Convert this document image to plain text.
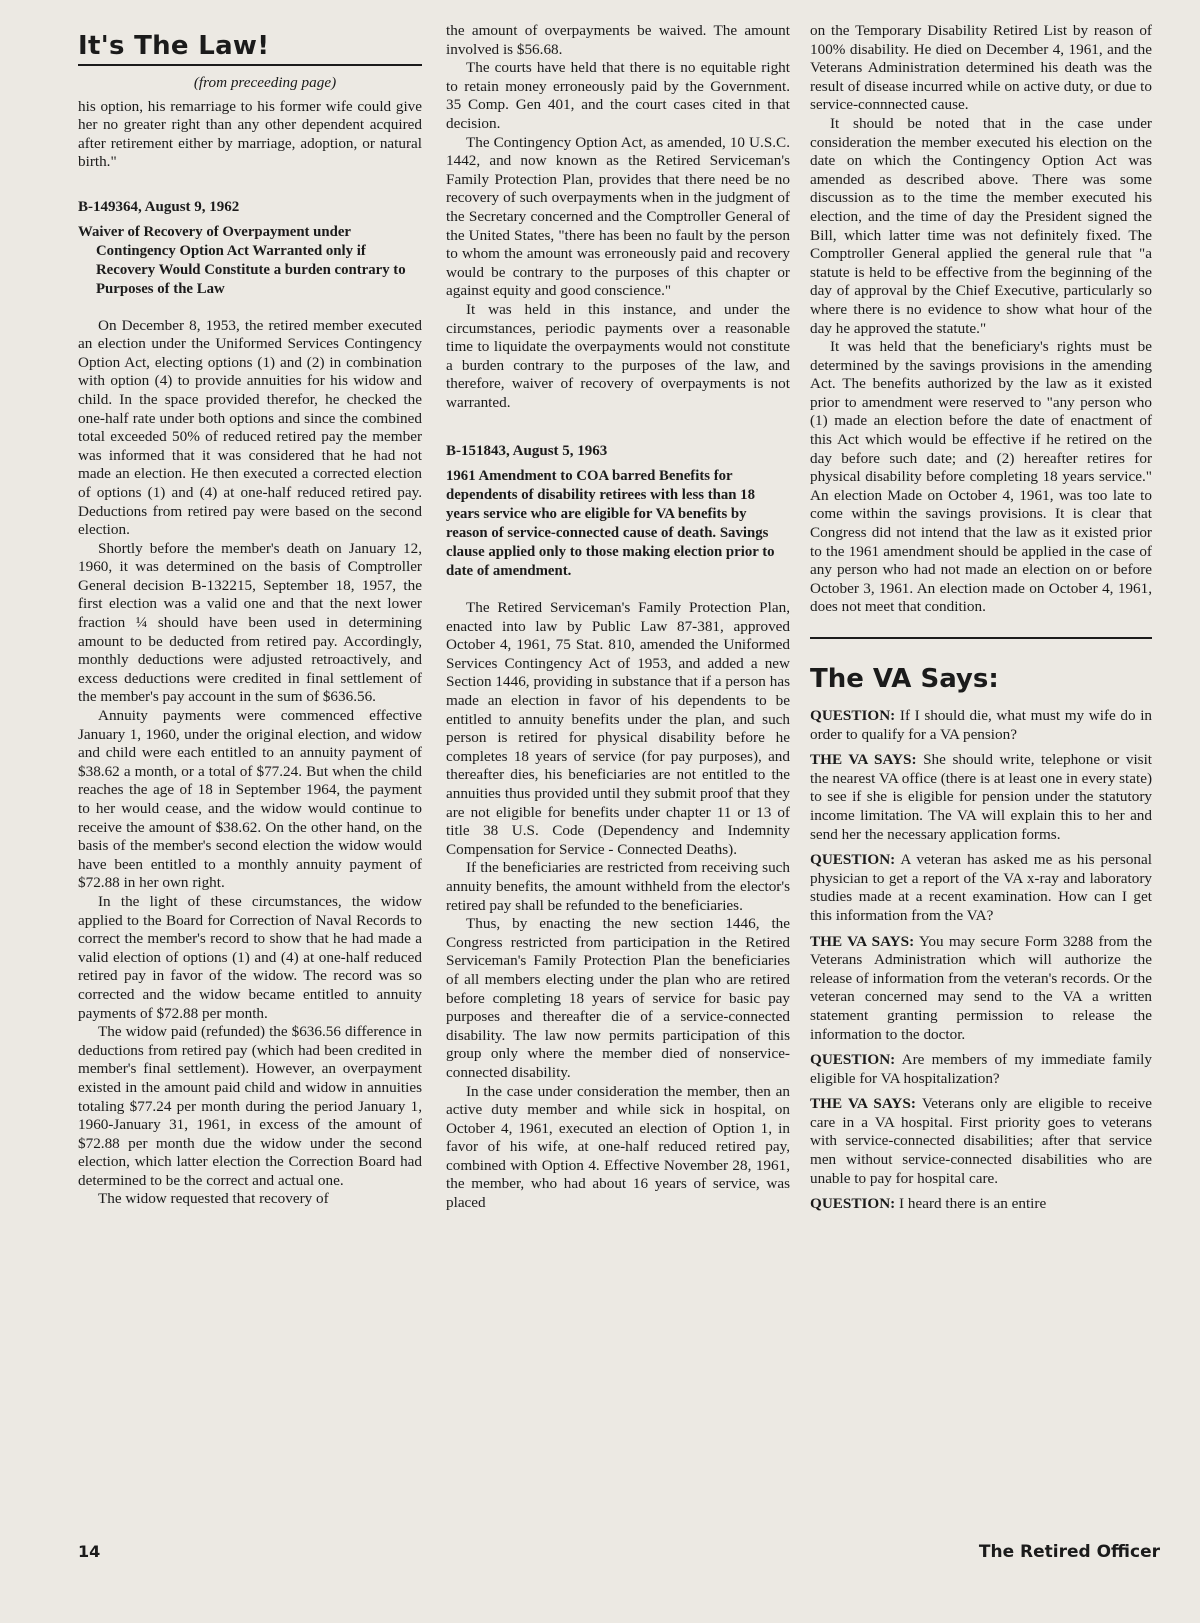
It's The Law!
(from preceeding page)

his option, his remarriage to his former wife could give her no greater right than any other dependent acquired after retirement either by marriage, adoption, or natural birth."

B-149364, August 9, 1962
Waiver of Recovery of Overpayment under Contingency Option Act Warranted only if Recovery Would Constitute a burden contrary to Purposes of the Law

On December 8, 1953, the retired member executed an election under the Uniformed Services Contingency Option Act, electing options (1) and (2) in combination with option (4) to provide annuities for his widow and child. In the space provided therefor, he checked the one-half rate under both options and since the combined total exceeded 50% of reduced retired pay the member was informed that it was considered that he had not made an election. He then executed a corrected election of options (1) and (4) at one-half reduced retired pay. Deductions from retired pay were based on the second election.

Shortly before the member's death on January 12, 1960, it was determined on the basis of Comptroller General decision B-132215, September 18, 1957, the first election was a valid one and that the next lower fraction ¼ should have been used in determining amount to be deducted from retired pay. Accordingly, monthly deductions were adjusted retroactively, and excess deductions were credited in final settlement of the member's pay account in the sum of $636.56.

Annuity payments were commenced effective January 1, 1960, under the original election, and widow and child were each entitled to an annuity payment of $38.62 a month, or a total of $77.24. But when the child reaches the age of 18 in September 1964, the payment to her would cease, and the widow would continue to receive the amount of $38.62. On the other hand, on the basis of the member's second election the widow would have been entitled to a monthly annuity payment of $72.88 in her own right.

In the light of these circumstances, the widow applied to the Board for Correction of Naval Records to correct the member's record to show that he had made a valid election of options (1) and (4) at one-half reduced retired pay in favor of the widow. The record was so corrected and the widow became entitled to annuity payments of $72.88 per month.

The widow paid (refunded) the $636.56 difference in deductions from retired pay (which had been credited in member's final settlement). However, an overpayment existed in the amount paid child and widow in annuities totaling $77.24 per month during the period January 1, 1960-January 31, 1961, in excess of the amount of $72.88 per month due the widow under the second election, which latter election the Correction Board had determined to be the correct and actual one.

The widow requested that recovery of

the amount of overpayments be waived. The amount involved is $56.68.

The courts have held that there is no equitable right to retain money erroneously paid by the Government. 35 Comp. Gen 401, and the court cases cited in that decision.

The Contingency Option Act, as amended, 10 U.S.C. 1442, and now known as the Retired Serviceman's Family Protection Plan, provides that there need be no recovery of such overpayments when in the judgment of the Secretary concerned and the Comptroller General of the United States, "there has been no fault by the person to whom the amount was erroneously paid and recovery would be contrary to the purposes of this chapter or against equity and good conscience."

It was held in this instance, and under the circumstances, periodic payments over a reasonable time to liquidate the overpayments would not constitute a burden contrary to the purposes of the law, and therefore, waiver of recovery of overpayments is not warranted.

B-151843, August 5, 1963
1961 Amendment to COA barred Benefits for dependents of disability retirees with less than 18 years service who are eligible for VA benefits by reason of service-connected cause of death. Savings clause applied only to those making election prior to date of amendment.

The Retired Serviceman's Family Protection Plan, enacted into law by Public Law 87-381, approved October 4, 1961, 75 Stat. 810, amended the Uniformed Services Contingency Act of 1953, and added a new Section 1446, providing in substance that if a person has made an election in favor of his dependents to be entitled to annuity benefits under the plan, and such person is retired for physical disability before he completes 18 years of service (for pay purposes), and thereafter dies, his beneficiaries are not entitled to the annuities thus provided until they submit proof that they are not eligible for benefits under chapter 11 or 13 of title 38 U.S. Code (Dependency and Indemnity Compensation for Service - Connected Deaths).

If the beneficiaries are restricted from receiving such annuity benefits, the amount withheld from the elector's retired pay shall be refunded to the beneficiaries.

Thus, by enacting the new section 1446, the Congress restricted from participation in the Retired Serviceman's Family Protection Plan the beneficiaries of all members electing under the plan who are retired before completing 18 years of service for basic pay purposes and thereafter die of a service-connected disability. The law now permits participation of this group only where the member died of nonservice-connected disability.

In the case under consideration the member, then an active duty member and while sick in hospital, on October 4, 1961, executed an election of Option 1, in favor of his wife, at one-half reduced retired pay, combined with Option 4. Effective November 28, 1961, the member, who had about 16 years of service, was placed

on the Temporary Disability Retired List by reason of 100% disability. He died on December 4, 1961, and the Veterans Administration determined his death was the result of disease incurred while on active duty, or due to service-connnected cause.

It should be noted that in the case under consideration the member executed his election on the date on which the Contingency Option Act was amended as described above. There was some discussion as to the time the member executed his election, and the time of day the President signed the Bill, which latter time was not definitely fixed. The Comptroller General applied the general rule that "a statute is held to be effective from the beginning of the day of approval by the Chief Executive, particularly so where there is no evidence to show what hour of the day he approved the statute."

It was held that the beneficiary's rights must be determined by the savings provisions in the amending Act. The benefits authorized by the law as it existed prior to amendment were reserved to "any person who (1) made an election before the date of enactment of this Act which would be effective if he retired on the day before such date; and (2) hereafter retires for physical disability before completing 18 years service." An election Made on October 4, 1961, was too late to come within the savings provisions. It is clear that Congress did not intend that the law as it existed prior to the 1961 amendment should be applied in the case of any person who had not made an election on or before October 3, 1961. An election made on October 4, 1961, does not meet that condition.

The VA Says:

QUESTION: If I should die, what must my wife do in order to qualify for a VA pension?

THE VA SAYS: She should write, telephone or visit the nearest VA office (there is at least one in every state) to see if she is eligible for pension under the statutory income limitation. The VA will explain this to her and send her the necessary application forms.

QUESTION: A veteran has asked me as his personal physician to get a report of the VA x-ray and laboratory studies made at a recent examination. How can I get this information from the VA?

THE VA SAYS: You may secure Form 3288 from the Veterans Administration which will authorize the release of information from the veteran's records. Or the veteran concerned may send to the VA a written statement granting permission to release the information to the doctor.

QUESTION: Are members of my immediate family eligible for VA hospitalization?

THE VA SAYS: Veterans only are eligible to receive care in a VA hospital. First priority goes to veterans with service-connected disabilities; after that service men without service-connected disabilities who are unable to pay for hospital care.

QUESTION: I heard there is an entire

14	The Retired Officer
